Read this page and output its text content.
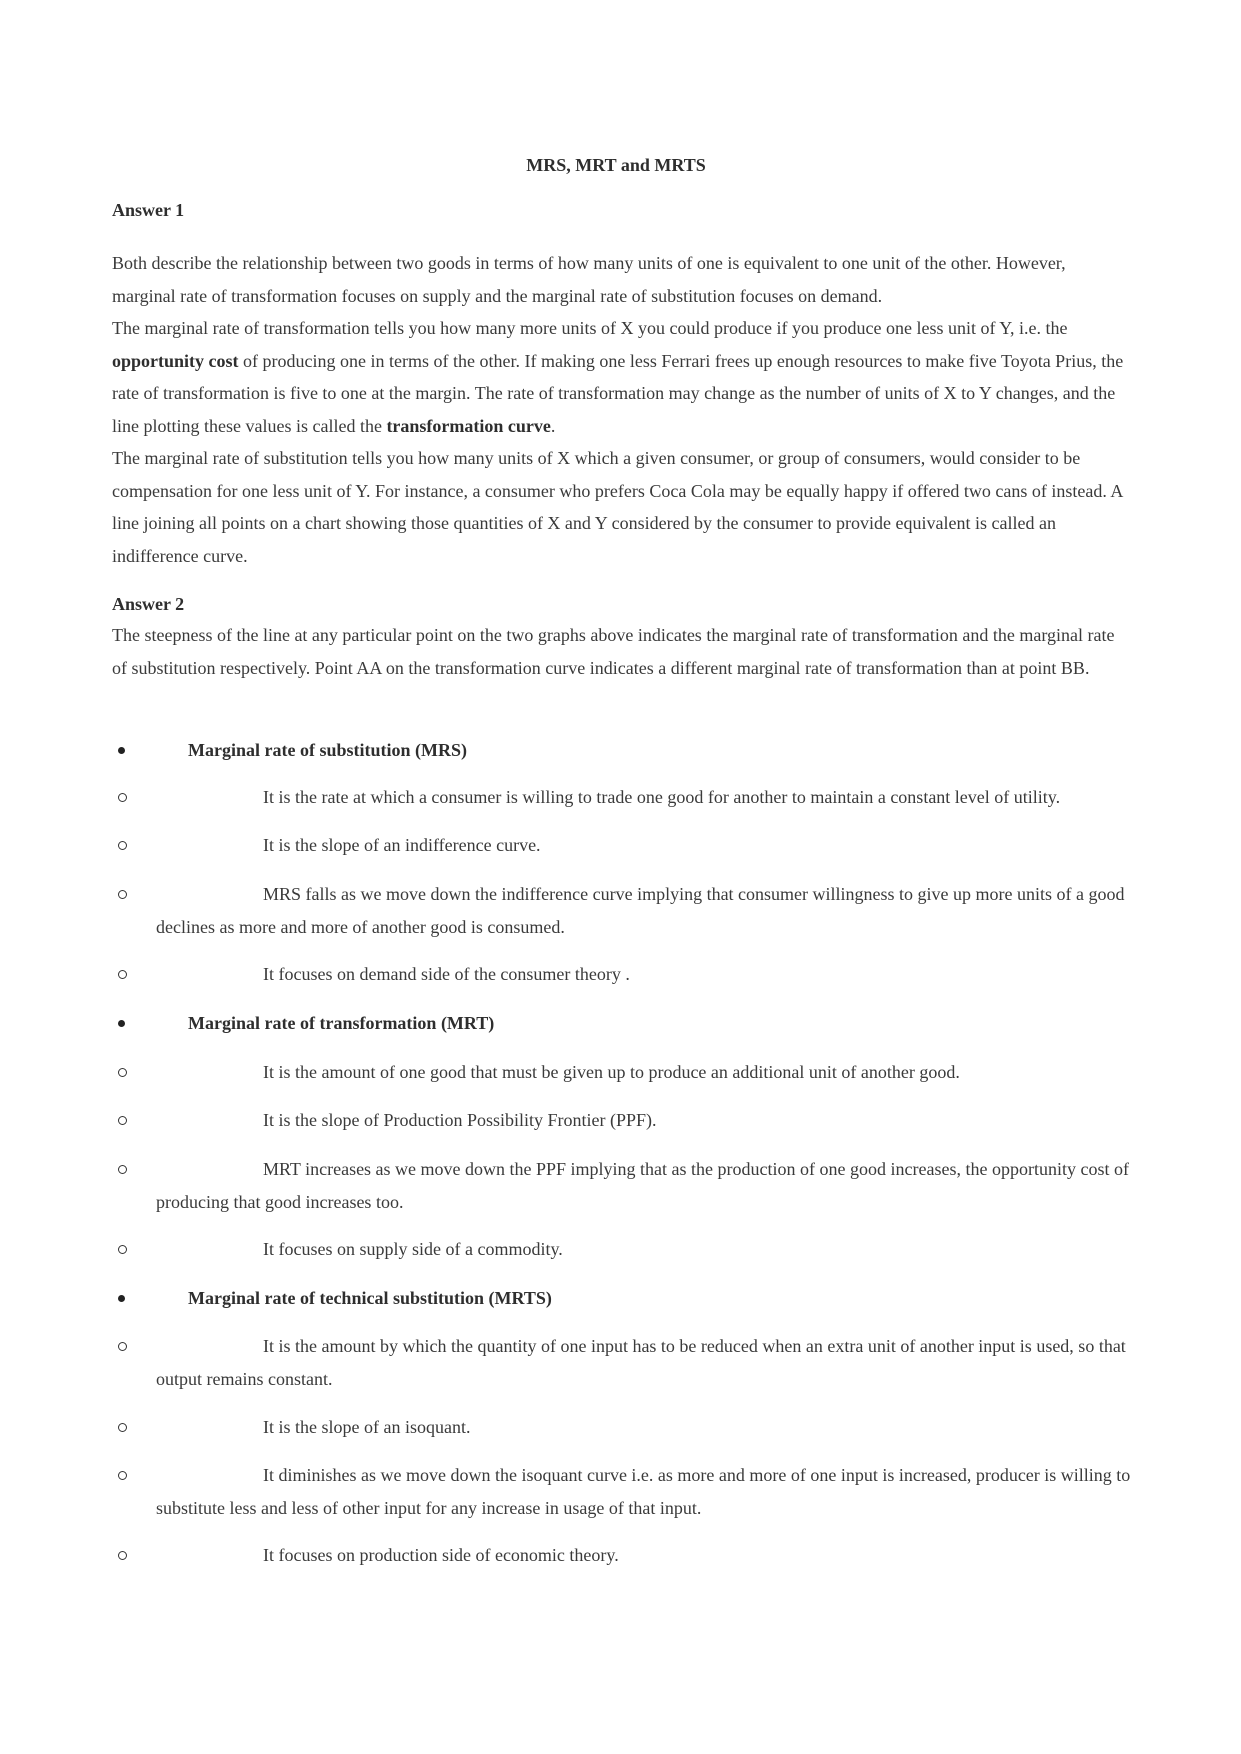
MRS, MRT and MRTS
Answer 1

Both describe the relationship between two goods in terms of how many units of one is equivalent to one unit of the other. However, marginal rate of transformation focuses on supply and the marginal rate of substitution focuses on demand.

The marginal rate of transformation tells you how many more units of X you could produce if you produce one less unit of Y, i.e. the opportunity cost of producing one in terms of the other. If making one less Ferrari frees up enough resources to make five Toyota Prius, the rate of transformation is five to one at the margin. The rate of transformation may change as the number of units of X to Y changes, and the line plotting these values is called the transformation curve.

The marginal rate of substitution tells you how many units of X which a given consumer, or group of consumers, would consider to be compensation for one less unit of Y. For instance, a consumer who prefers Coca Cola may be equally happy if offered two cans of instead. A line joining all points on a chart showing those quantities of X and Y considered by the consumer to provide equivalent is called an indifference curve.

Answer 2
The steepness of the line at any particular point on the two graphs above indicates the marginal rate of transformation and the marginal rate of substitution respectively. Point AA on the transformation curve indicates a different marginal rate of transformation than at point BB.
Marginal rate of substitution (MRS)
It is the rate at which a consumer is willing to trade one good for another to maintain a constant level of utility.
It is the slope of an indifference curve.
MRS falls as we move down the indifference curve implying that consumer willingness to give up more units of a good declines as more and more of another good is consumed.
It focuses on demand side of the consumer theory .
Marginal rate of transformation (MRT)
It is the amount of one good that must be given up to produce an additional unit of another good.
It is the slope of Production Possibility Frontier (PPF).
MRT increases as we move down the PPF implying that as the production of one good increases, the opportunity cost of producing that good increases too.
It focuses on supply side of a commodity.
Marginal rate of technical substitution (MRTS)
It is the amount by which the quantity of one input has to be reduced when an extra unit of another input is used, so that output remains constant.
It is the slope of an isoquant.
It diminishes as we move down the isoquant curve i.e. as more and more of one input is increased, producer is willing to substitute less and less of other input for any increase in usage of that input.
It focuses on production side of economic theory.
